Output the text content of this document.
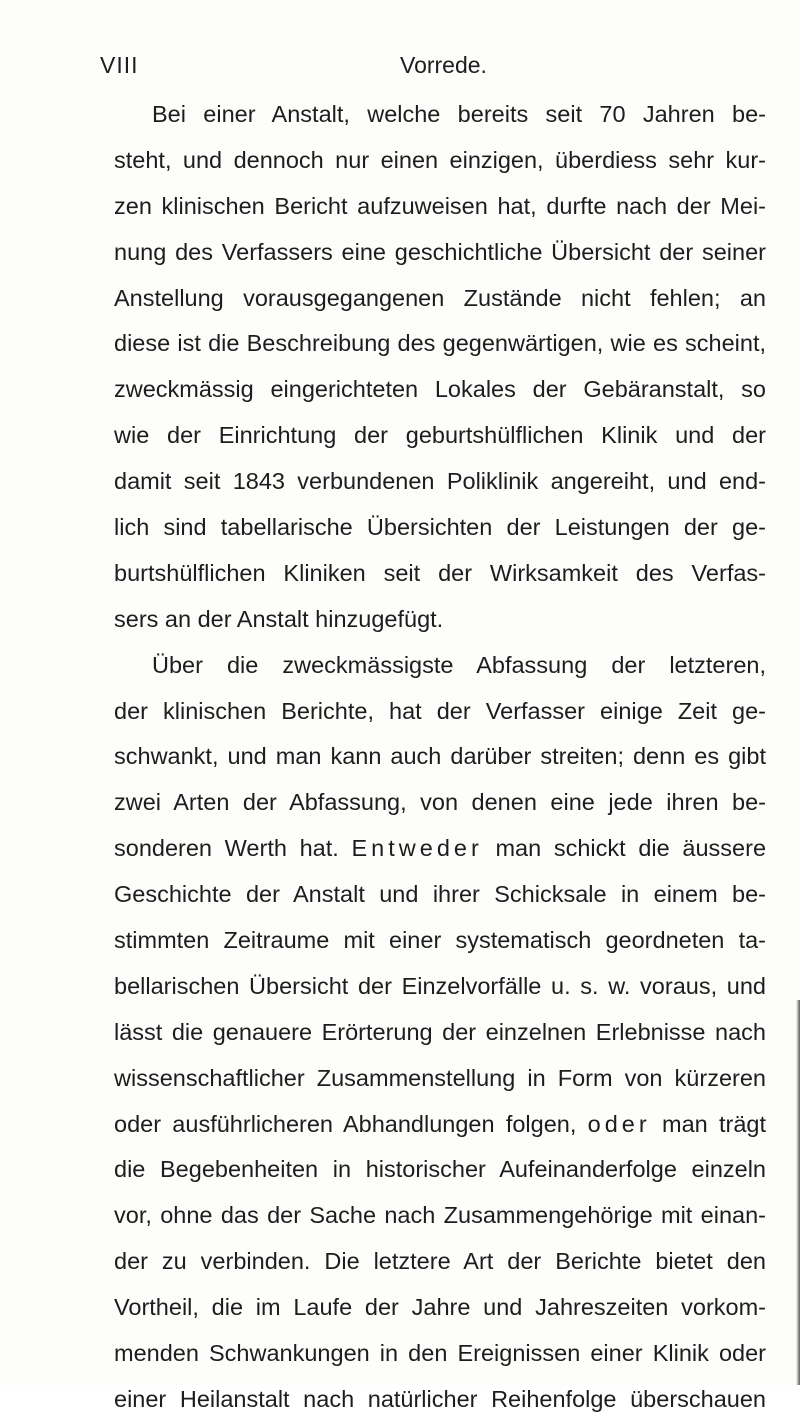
VIII	Vorrede.
Bei einer Anstalt, welche bereits seit 70 Jahren be-
steht, und dennoch nur einen einzigen, überdiess sehr kur-
zen klinischen Bericht aufzuweisen hat, durfte nach der Mei-
nung des Verfassers eine geschichtliche Übersicht der seiner
Anstellung vorausgegangenen Zustände nicht fehlen; an
diese ist die Beschreibung des gegenwärtigen, wie es scheint,
zweckmässig eingerichteten Lokales der Gebäranstalt, so
wie der Einrichtung der geburtshülflichen Klinik und der
damit seit 1843 verbundenen Poliklinik angereiht, und end-
lich sind tabellarische Übersichten der Leistungen der ge-
burtshülflichen Kliniken seit der Wirksamkeit des Verfas-
sers an der Anstalt hinzugefügt.
Über die zweckmässigste Abfassung der letzteren,
der klinischen Berichte, hat der Verfasser einige Zeit ge-
schwankt, und man kann auch darüber streiten; denn es gibt
zwei Arten der Abfassung, von denen eine jede ihren be-
sonderen Werth hat. Entweder man schickt die äussere
Geschichte der Anstalt und ihrer Schicksale in einem be-
stimmten Zeitraume mit einer systematisch geordneten ta-
bellarischen Übersicht der Einzelvorfälle u. s. w. voraus, und
lässt die genauere Erörterung der einzelnen Erlebnisse nach
wissenschaftlicher Zusammenstellung in Form von kürzeren
oder ausführlicheren Abhandlungen folgen, oder man trägt
die Begebenheiten in historischer Aufeinanderfolge einzeln
vor, ohne das der Sache nach Zusammengehörige mit einan-
der zu verbinden. Die letztere Art der Berichte bietet den
Vortheil, die im Laufe der Jahre und Jahreszeiten vorkom-
menden Schwankungen in den Ereignissen einer Klinik oder
einer Heilanstalt nach natürlicher Reihenfolge überschauen
